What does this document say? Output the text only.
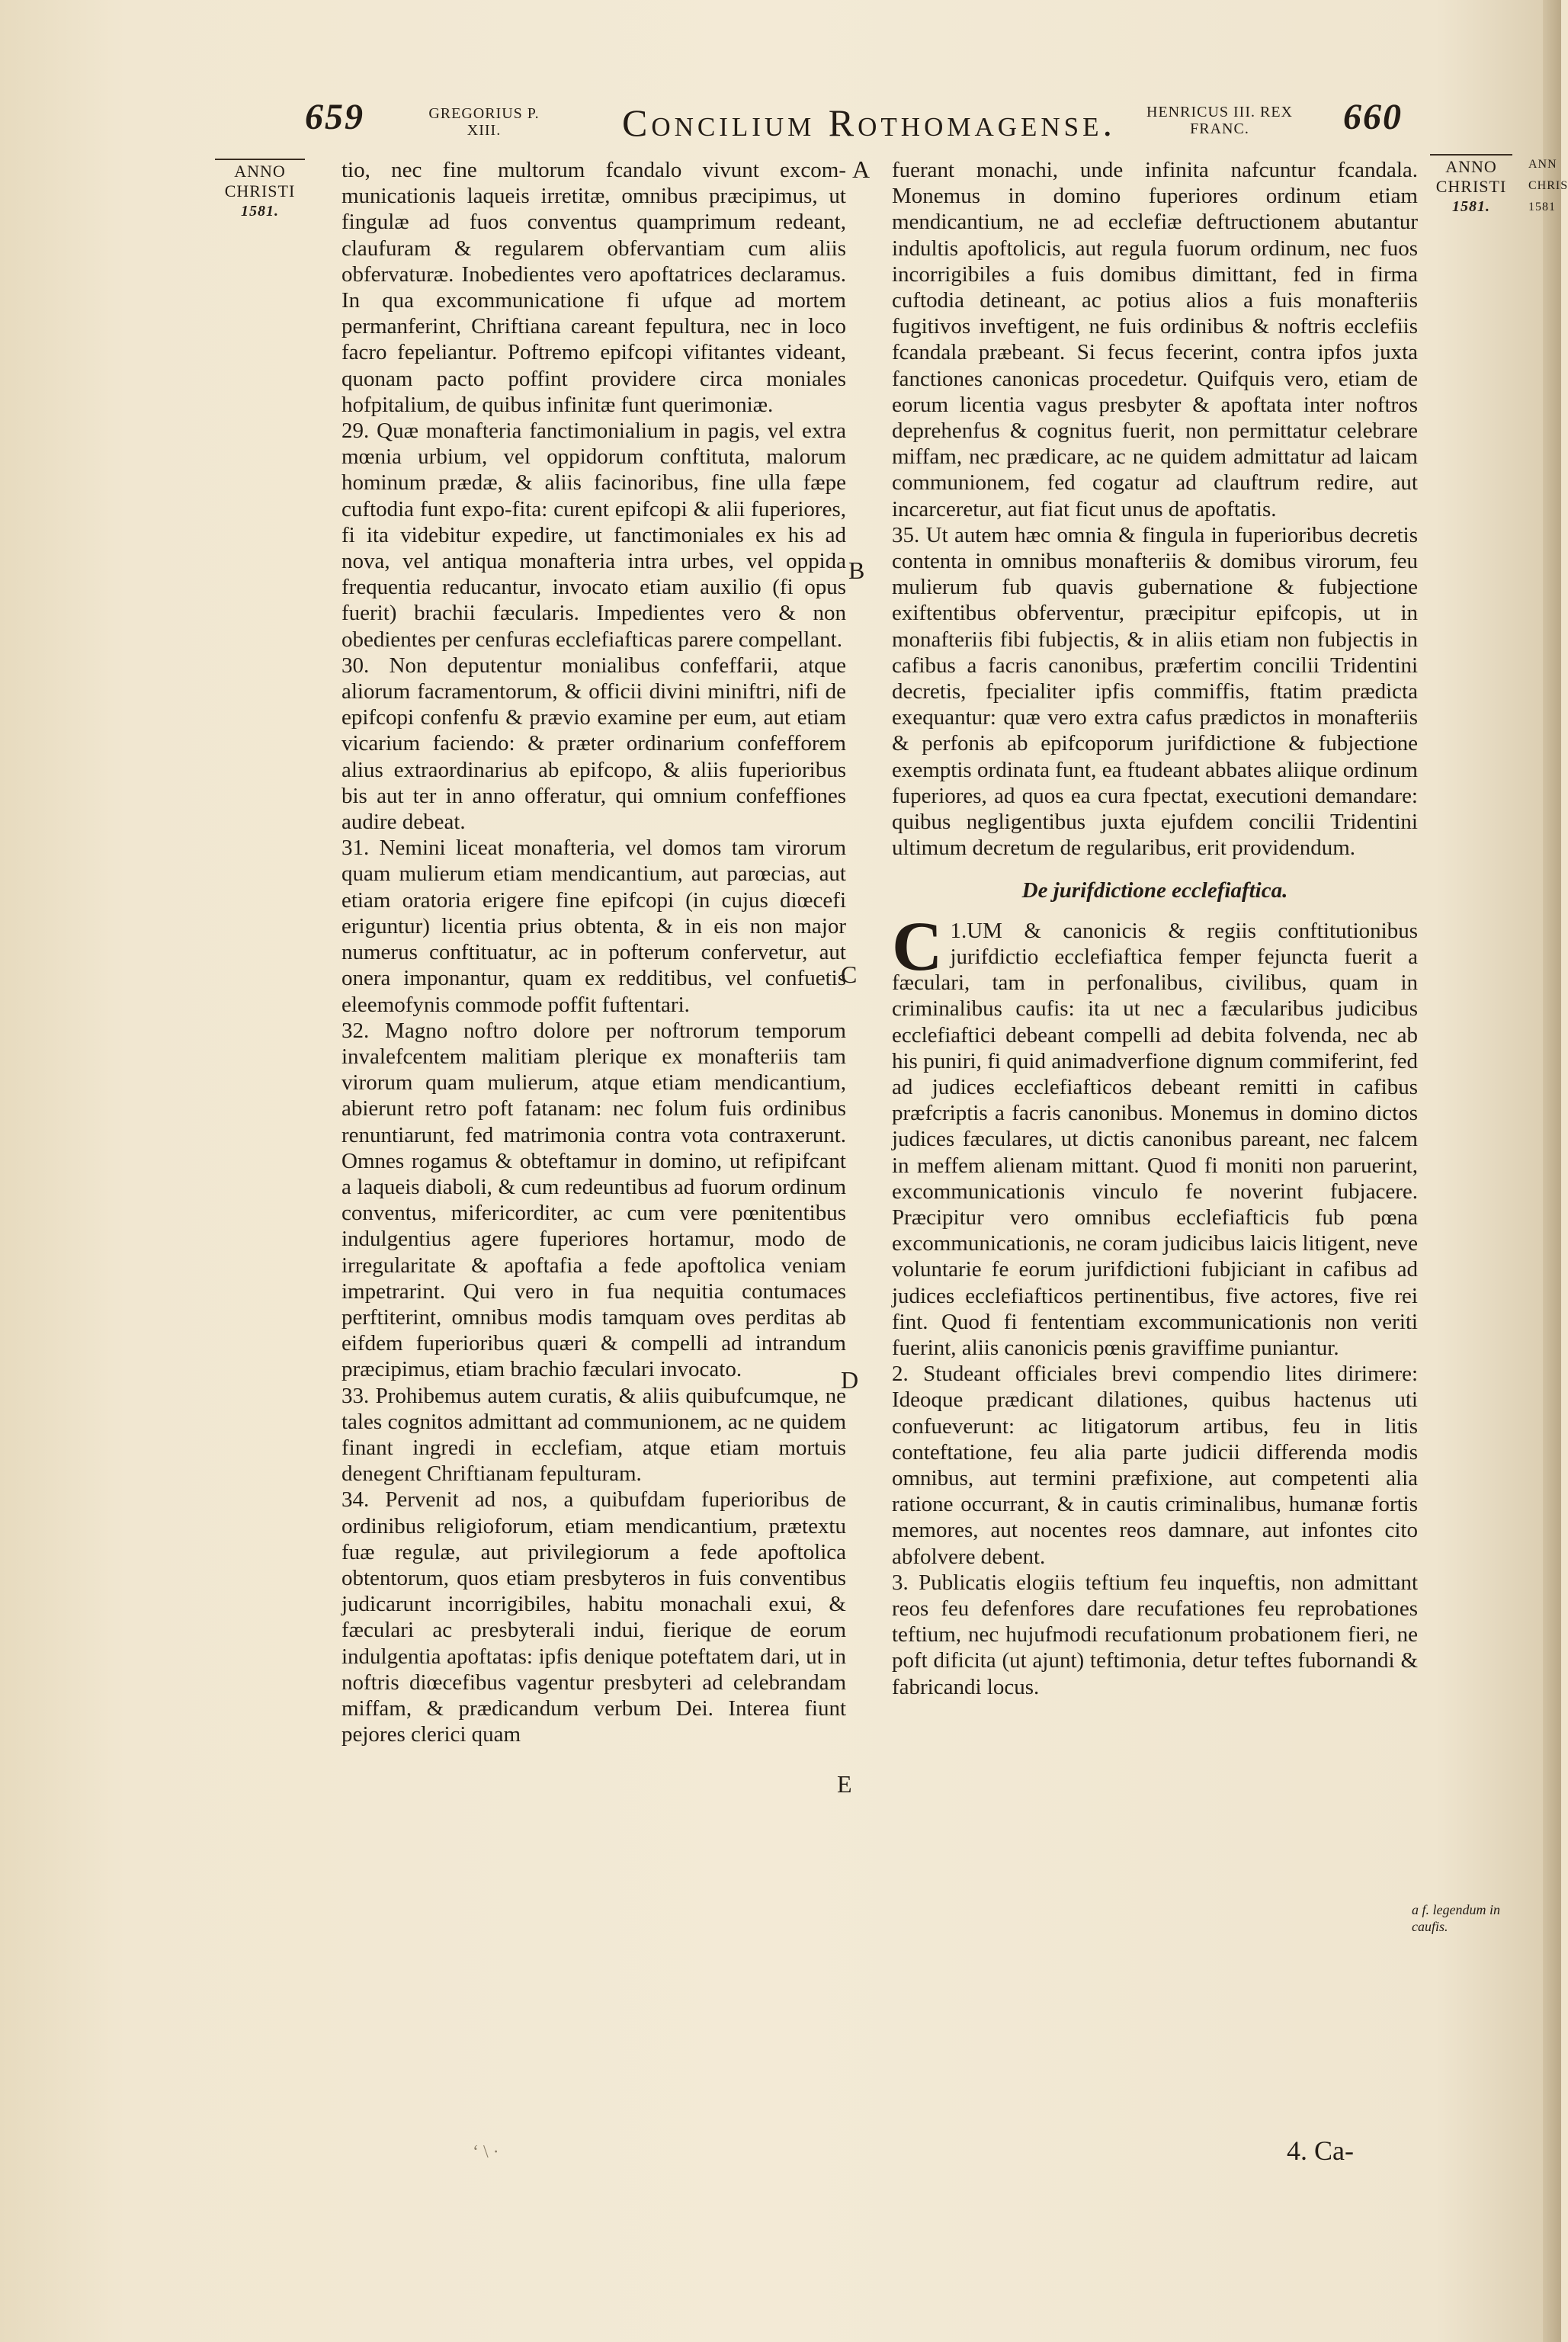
659	GREGORIUS P. XIII.	Concilium Rothomagense.	HENRICUS III. REX FRANC.	660
ANNO
CHRISTI
1581.
ANNO
CHRISTI
1581.
ANN CHRIS 1581
A
B
C
D
E

tio, nec fine multorum fcandalo vivunt excom-municationis laqueis irretitæ, omnibus præcipimus, ut fingulæ ad fuos conventus quamprimum redeant, claufuram & regularem obfervantiam cum aliis obfervaturæ. Inobedientes vero apoftatrices declaramus. In qua excommunicatione fi ufque ad mortem permanferint, Chriftiana careant fepultura, nec in loco facro fepeliantur. Poftremo epifcopi vifitantes videant, quonam pacto poffint providere circa moniales hofpitalium, de quibus infinitæ funt querimoniæ.

29. Quæ monafteria fanctimonialium in pagis, vel extra mœnia urbium, vel oppidorum conftituta, malorum hominum prædæ, & aliis facinoribus, fine ulla fæpe cuftodia funt expo-fita: curent epifcopi & alii fuperiores, fi ita videbitur expedire, ut fanctimoniales ex his ad nova, vel antiqua monafteria intra urbes, vel oppida frequentia reducantur, invocato etiam auxilio (fi opus fuerit) brachii fæcularis. Impedientes vero & non obedientes per cenfuras ecclefiafticas parere compellant.

30. Non deputentur monialibus confeffarii, atque aliorum facramentorum, & officii divini miniftri, nifi de epifcopi confenfu & prævio examine per eum, aut etiam vicarium faciendo: & præter ordinarium confefforem alius extraordinarius ab epifcopo, & aliis fuperioribus bis aut ter in anno offeratur, qui omnium confeffiones audire debeat.

31. Nemini liceat monafteria, vel domos tam virorum quam mulierum etiam mendicantium, aut parœcias, aut etiam oratoria erigere fine epifcopi (in cujus diœcefi eriguntur) licentia prius obtenta, & in eis non major numerus conftituatur, ac in pofterum confervetur, aut onera imponantur, quam ex redditibus, vel confuetis eleemofynis commode poffit fuftentari.

32. Magno noftro dolore per noftrorum temporum invalefcentem malitiam plerique ex monafteriis tam virorum quam mulierum, atque etiam mendicantium, abierunt retro poft fatanam: nec folum fuis ordinibus renuntiarunt, fed matrimonia contra vota contraxerunt. Omnes rogamus & obteftamur in domino, ut refipifcant a laqueis diaboli, & cum redeuntibus ad fuorum ordinum conventus, mifericorditer, ac cum vere pœnitentibus indulgentius agere fuperiores hortamur, modo de irregularitate & apoftafia a fede apoftolica veniam impetrarint. Qui vero in fua nequitia contumaces perftiterint, omnibus modis tamquam oves perditas ab eifdem fuperioribus quæri & compelli ad intrandum præcipimus, etiam brachio fæculari invocato.

33. Prohibemus autem curatis, & aliis quibufcumque, ne tales cognitos admittant ad communionem, ac ne quidem finant ingredi in ecclefiam, atque etiam mortuis denegent Chriftianam fepulturam.

34. Pervenit ad nos, a quibufdam fuperioribus de ordinibus religioforum, etiam mendicantium, prætextu fuæ regulæ, aut privilegiorum a fede apoftolica obtentorum, quos etiam presbyteros in fuis conventibus judicarunt incorrigibiles, habitu monachali exui, & fæculari ac presbyterali indui, fierique de eorum indulgentia apoftatas: ipfis denique poteftatem dari, ut in noftris diœcefibus vagentur presbyteri ad celebrandam miffam, & prædicandum verbum Dei. Interea fiunt pejores clerici quam

fuerant monachi, unde infinita nafcuntur fcandala. Monemus in domino fuperiores ordinum etiam mendicantium, ne ad ecclefiæ deftructionem abutantur indultis apoftolicis, aut regula fuorum ordinum, nec fuos incorrigibiles a fuis domibus dimittant, fed in firma cuftodia detineant, ac potius alios a fuis monafteriis fugitivos inveftigent, ne fuis ordinibus & noftris ecclefiis fcandala præbeant. Si fecus fecerint, contra ipfos juxta fanctiones canonicas procedetur. Quifquis vero, etiam de eorum licentia vagus presbyter & apoftata inter noftros deprehenfus & cognitus fuerit, non permittatur celebrare miffam, nec prædicare, ac ne quidem admittatur ad laicam communionem, fed cogatur ad clauftrum redire, aut incarceretur, aut fiat ficut unus de apoftatis.

35. Ut autem hæc omnia & fingula in fuperioribus decretis contenta in omnibus monafteriis & domibus virorum, feu mulierum fub quavis gubernatione & fubjectione exiftentibus obferventur, præcipitur epifcopis, ut in monafteriis fibi fubjectis, & in aliis etiam non fubjectis in cafibus a facris canonibus, præfertim concilii Tridentini decretis, fpecialiter ipfis commiffis, ftatim prædicta exequantur: quæ vero extra cafus prædictos in monafteriis & perfonis ab epifcoporum jurifdictione & fubjectione exemptis ordinata funt, ea ftudeant abbates aliique ordinum fuperiores, ad quos ea cura fpectat, executioni demandare: quibus negligentibus juxta ejufdem concilii Tridentini ultimum decretum de regularibus, erit providendum.

De jurifdictione ecclefiaftica.

1.
C UM & canonicis & regiis conftitutionibus jurifdictio ecclefiaftica femper fejuncta fuerit a fæculari, tam in perfonalibus, civilibus, quam in criminalibus caufis: ita ut nec a fæcularibus judicibus ecclefiaftici debeant compelli ad debita folvenda, nec ab his puniri, fi quid animadverfione dignum commiferint, fed ad judices ecclefiafticos debeant remitti in cafibus præfcriptis a facris canonibus. Monemus in domino dictos judices fæculares, ut dictis canonibus pareant, nec falcem in meffem alienam mittant. Quod fi moniti non paruerint, excommunicationis vinculo fe noverint fubjacere. Præcipitur vero omnibus ecclefiafticis fub pœna excommunicationis, ne coram judicibus laicis litigent, neve voluntarie fe eorum jurifdictioni fubjiciant in cafibus ad judices ecclefiafticos pertinentibus, five actores, five rei fint. Quod fi fententiam excommunicationis non veriti fuerint, aliis canonicis pœnis graviffime puniantur.

2. Studeant officiales brevi compendio lites dirimere: Ideoque prædicant dilationes, quibus hactenus uti confueverunt: ac litigatorum artibus, feu in litis conteftatione, feu alia parte judicii differenda modis omnibus, aut termini præfixione, aut competenti alia ratione occurrant, & in cautis criminalibus, humanæ fortis memores, aut nocentes reos damnare, aut infontes cito abfolvere debent.

3. Publicatis elogiis teftium feu inqueftis, non admittant reos feu defenfores dare recufationes feu reprobationes teftium, nec hujufmodi recufationum probationem fieri, ne poft dificita (ut ajunt) teftimonia, detur teftes fubornandi & fabricandi locus.

a f. legendum in caufis.
4. Ca-
ʻ \ ·
